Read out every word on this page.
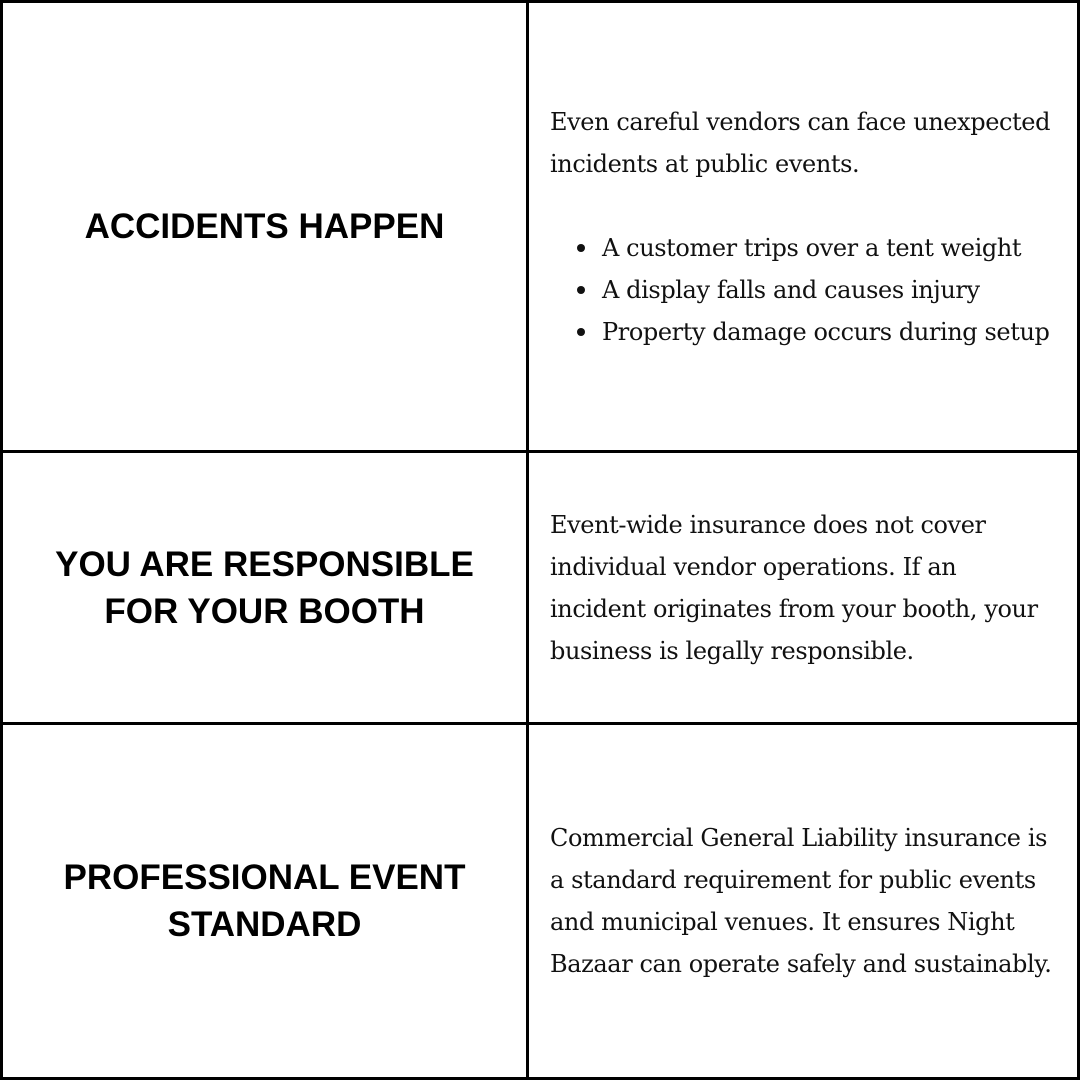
ACCIDENTS HAPPEN

Even careful vendors can face unexpected incidents at public events.

A customer trips over a tent weight
A display falls and causes injury
Property damage occurs during setup
YOU ARE RESPONSIBLE FOR YOUR BOOTH

Event-wide insurance does not cover individual vendor operations. If an incident originates from your booth, your business is legally responsible.

PROFESSIONAL EVENT STANDARD

Commercial General Liability insurance is a standard requirement for public events and municipal venues. It ensures Night Bazaar can operate safely and sustainably.
